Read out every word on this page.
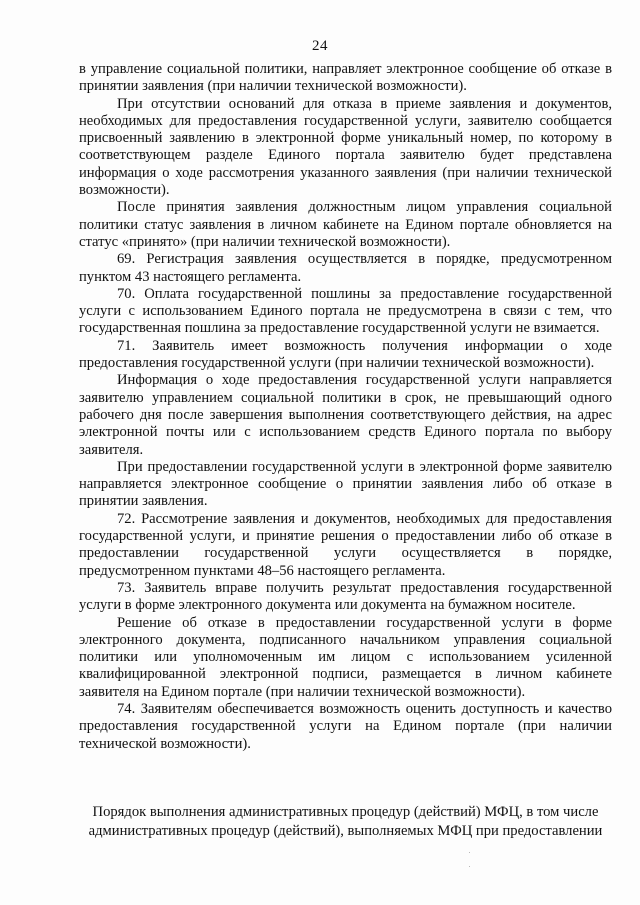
24

в управление социальной политики, направляет электронное сообщение об отказе в принятии заявления (при наличии технической возможности).

При отсутствии оснований для отказа в приеме заявления и документов, необходимых для предоставления государственной услуги, заявителю сообщается присвоенный заявлению в электронной форме уникальный номер, по которому в соответствующем разделе Единого портала заявителю будет представлена информация о ходе рассмотрения указанного заявления (при наличии технической возможности).

После принятия заявления должностным лицом управления социальной политики статус заявления в личном кабинете на Едином портале обновляется на статус «принято» (при наличии технической возможности).

69. Регистрация заявления осуществляется в порядке, предусмотренном пунктом 43 настоящего регламента.

70. Оплата государственной пошлины за предоставление государственной услуги с использованием Единого портала не предусмотрена в связи с тем, что государственная пошлина за предоставление государственной услуги не взимается.

71. Заявитель имеет возможность получения информации о ходе предоставления государственной услуги (при наличии технической возможности).

Информация о ходе предоставления государственной услуги направляется заявителю управлением социальной политики в срок, не превышающий одного рабочего дня после завершения выполнения соответствующего действия, на адрес электронной почты или с использованием средств Единого портала по выбору заявителя.

При предоставлении государственной услуги в электронной форме заявителю направляется электронное сообщение о принятии заявления либо об отказе в принятии заявления.

72. Рассмотрение заявления и документов, необходимых для предоставления государственной услуги, и принятие решения о предоставлении либо об отказе в предоставлении государственной услуги осуществляется в порядке, предусмотренном пунктами 48–56 настоящего регламента.

73. Заявитель вправе получить результат предоставления государственной услуги в форме электронного документа или документа на бумажном носителе.

Решение об отказе в предоставлении государственной услуги в форме электронного документа, подписанного начальником управления социальной политики или уполномоченным им лицом с использованием усиленной квалифицированной электронной подписи, размещается в личном кабинете заявителя на Едином портале (при наличии технической возможности).

74. Заявителям обеспечивается возможность оценить доступность и качество предоставления государственной услуги на Едином портале (при наличии технической возможности).

Порядок выполнения административных процедур (действий) МФЦ, в том числе административных процедур (действий), выполняемых МФЦ при предоставлении
